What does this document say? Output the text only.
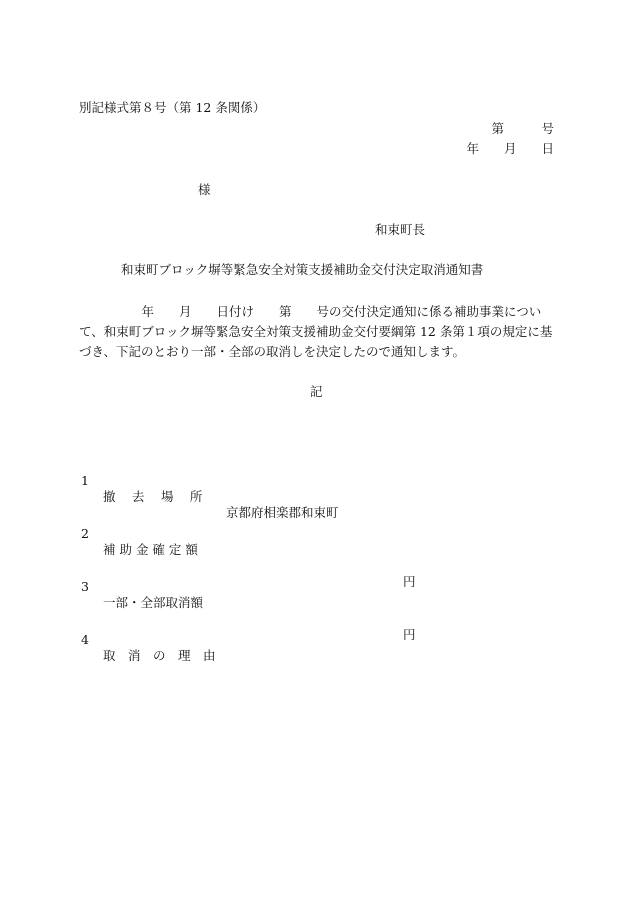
別記様式第８号（第 12 条関係）
第　　　号
年　　月　　日
様
和束町長
和束町ブロック塀等緊急安全対策支援補助金交付決定取消通知書
　　　　　年　　月　　日付け　　第　　号の交付決定通知に係る補助事業について、和束町ブロック塀等緊急安全対策支援補助金交付要綱第 12 条第１項の規定に基づき、下記のとおり一部・全部の取消しを決定したので通知します。
記

1

撤　 去　 場　 所

京都府相楽郡和束町

2

補 助 金 確 定 額

円

3

一部・全部取消額

円

4

取　消　の　理　由
